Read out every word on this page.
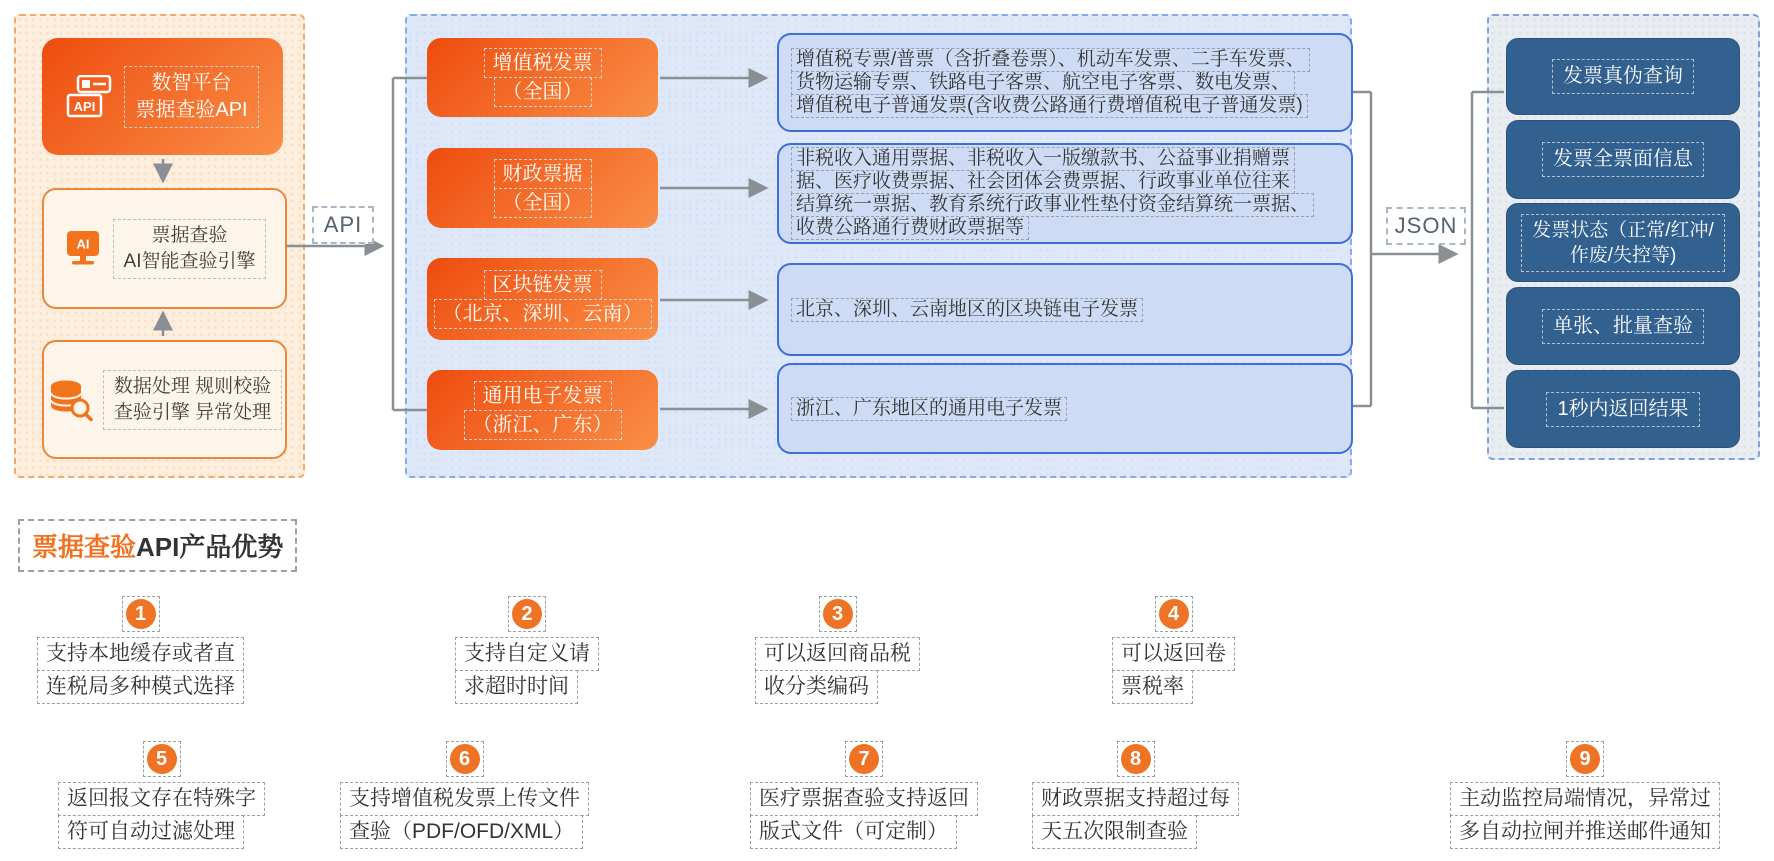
API
数智平台
票据查验API
AI	票据查验
AI智能查验引擎
数据处理 规则校验
查验引擎 异常处理
API	JSON
增值税发票
（全国）
财政票据
（全国）
区块链发票
（北京、深圳、云南）
通用电子发票
（浙江、广东）
增值税专票/普票（含折叠卷票）、机动车发票、二手车发票、
货物运输专票、铁路电子客票、航空电子客票、数电发票、
增值税电子普通发票(含收费公路通行费增值税电子普通发票)
非税收入通用票据、非税收入一版缴款书、公益事业捐赠票
据、医疗收费票据、社会团体会费票据、行政事业单位往来
结算统一票据、教育系统行政事业性垫付资金结算统一票据、
收费公路通行费财政票据等
北京、深圳、云南地区的区块链电子发票
浙江、广东地区的通用电子发票
发票真伪查询
发票全票面信息
发票状态（正常/红冲/
作废/失控等)
单张、批量查验
1秒内返回结果
票据查验API产品优势
1
支持本地缓存或者直
连税局多种模式选择
2
支持自定义请
求超时时间
3
可以返回商品税
收分类编码
4
可以返回卷
票税率
5
返回报文存在特殊字
符可自动过滤处理
6
支持增值税发票上传文件
查验（PDF/OFD/XML）
7
医疗票据查验支持返回
版式文件（可定制）
8
财政票据支持超过每
天五次限制查验
9
主动监控局端情况，异常过
多自动拉闸并推送邮件通知
